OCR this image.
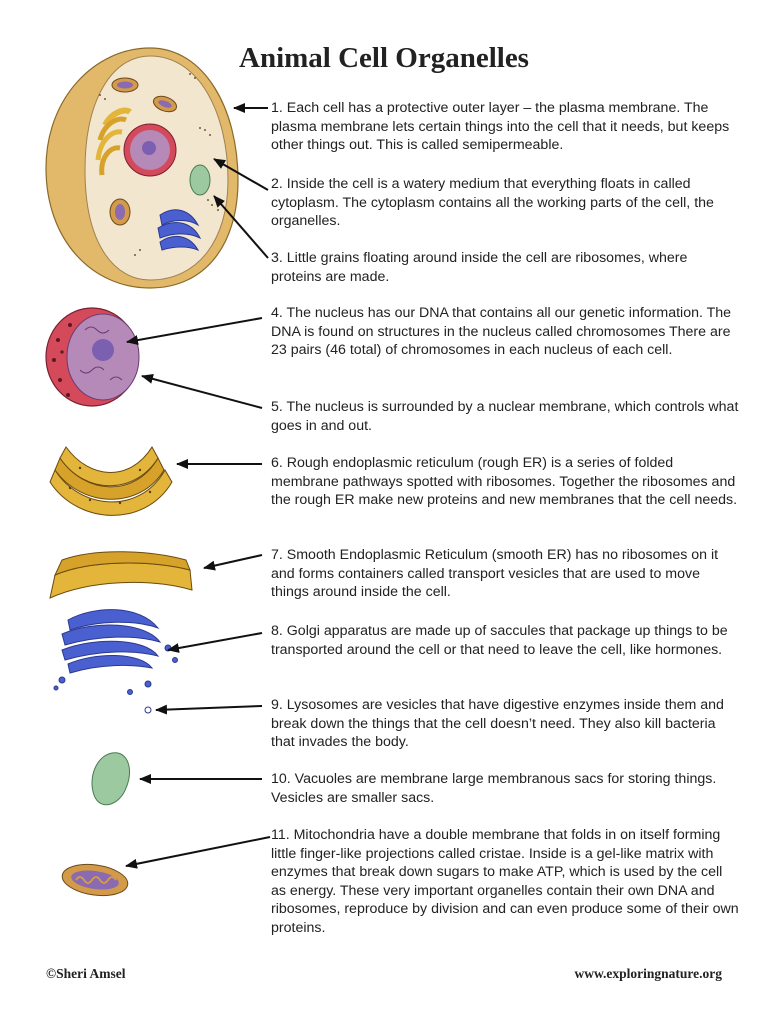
Animal Cell Organelles
1. Each cell has a protective outer layer – the plasma membrane. The plasma membrane lets certain things into the cell that it needs, but keeps other things out. This is called semipermeable.
2. Inside the cell is a watery medium that everything floats in called cytoplasm. The cytoplasm contains all the working parts of the cell, the organelles.
3. Little grains floating around inside the cell are ribosomes, where proteins are made.
4. The nucleus has our DNA that contains all our genetic information. The DNA is found on structures in the nucleus called chromosomes There are 23 pairs (46 total) of chromosomes in each nucleus of each cell.
5. The nucleus is surrounded by a nuclear membrane, which controls what goes in and out.
6. Rough endoplasmic reticulum (rough ER) is a series of folded membrane pathways spotted with ribosomes. Together the ribosomes and the rough ER make new proteins and new membranes that the cell needs.
7. Smooth Endoplasmic Reticulum (smooth ER) has no ribosomes on it and forms containers called transport vesicles that are used to move things around inside the cell.
8. Golgi apparatus are made up of saccules that package up things to be transported around the cell or that need to leave the cell, like hormones.
9. Lysosomes are vesicles that have digestive enzymes inside them and break down the things that the cell doesn’t need. They also kill bacteria that invades the body.
10. Vacuoles are membrane large membranous sacs for storing things. Vesicles are smaller sacs.
11. Mitochondria have a double membrane that folds in on itself forming little finger-like projections called cristae. Inside is a gel-like matrix with enzymes that break down sugars to make ATP, which is used by the cell as energy. These very important organelles contain their own DNA and ribosomes, reproduce by division and can even produce some of their own proteins.
©Sheri Amsel	www.exploringnature.org
